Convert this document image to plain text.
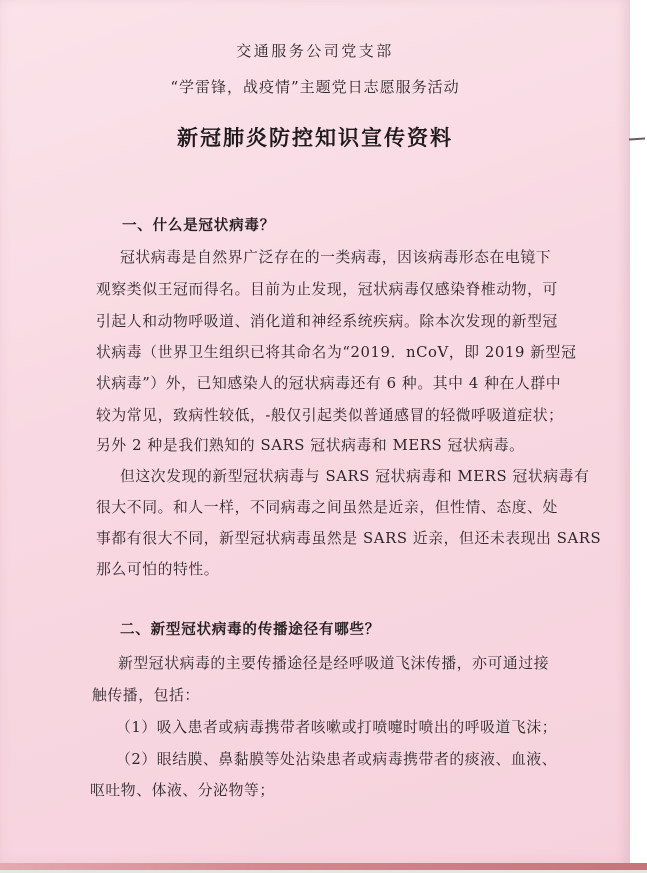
交通服务公司党支部
“学雷锋，战疫情”主题党日志愿服务活动
新冠肺炎防控知识宣传资料
一、什么是冠状病毒？
冠状病毒是自然界广泛存在的一类病毒，因该病毒形态在电镜下
观察类似王冠而得名。目前为止发现，冠状病毒仅感染脊椎动物，可
引起人和动物呼吸道、消化道和神经系统疾病。除本次发现的新型冠
状病毒（世界卫生组织已将其命名为“2019．nCoV，即 2019 新型冠
状病毒”）外，已知感染人的冠状病毒还有 6 种。其中 4 种在人群中
较为常见，致病性较低，-般仅引起类似普通感冒的轻微呼吸道症状；
另外 2 种是我们熟知的 SARS 冠状病毒和 MERS 冠状病毒。
但这次发现的新型冠状病毒与 SARS 冠状病毒和 MERS 冠状病毒有
很大不同。和人一样，不同病毒之间虽然是近亲，但性情、态度、处
事都有很大不同，新型冠状病毒虽然是 SARS 近亲，但还未表现出 SARS
那么可怕的特性。
二、新型冠状病毒的传播途径有哪些？
新型冠状病毒的主要传播途径是经呼吸道飞沫传播，亦可通过接
触传播，包括：
（1）吸入患者或病毒携带者咳嗽或打喷嚏时喷出的呼吸道飞沫；
（2）眼结膜、鼻黏膜等处沾染患者或病毒携带者的痰液、血液、
呕吐物、体液、分泌物等；
